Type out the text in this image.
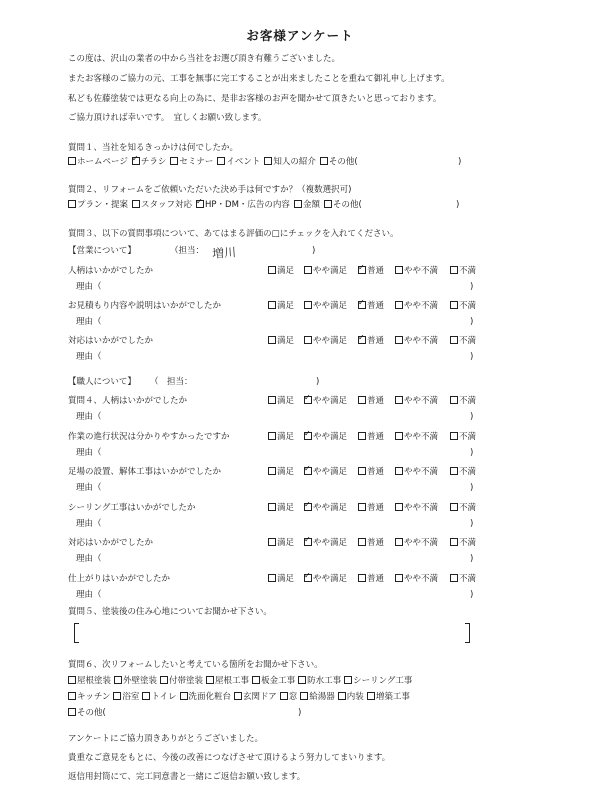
お客様アンケート
この度は、沢山の業者の中から当社をお選び頂き有難うございました。
またお客様のご協力の元、工事を無事に完工することが出来ましたことを重ねて御礼申し上げます。
私ども佐藤塗装では更なる向上の為に、是非お客様のお声を聞かせて頂きたいと思っております。
ご協力頂ければ幸いです。　宜しくお願い致します。
質問１、当社を知るきっかけは何でしたか。
ホームページ ✓ チラシ セミナー イベント 知人の紹介 その他(	)
質問２、リフォームをご依頼いただいた決め手は何ですか？（複数選択可)
プラン・提案 スタッフ対応 ✓ HP・DM・広告の内容 金額 その他(	)
質問３、以下の質問事項について、あてはまる評価の□にチェックを入れてください。
【営業について】	（担当： 増川	)
人柄はいかがでしたか	満足	やや満足 ✓	普通	やや不満	不満
理由（	)
お見積もり内容や説明はいかがでしたか	満足	やや満足 ✓	普通	やや不満	不満
理由（	)
対応はいかがでしたか	満足	やや満足 ✓	普通	やや不満	不満
理由（	)
【職人について】 （　担当：	)
質問４、人柄はいかがでしたか	満足 ✓	やや満足	普通	やや不満	不満
理由（	)
作業の進行状況は分かりやすかったですか	満足 ✓	やや満足	普通	やや不満	不満
理由（	)
足場の設置、解体工事はいかがでしたか	満足 ✓	やや満足	普通	やや不満	不満
理由（	)
シーリング工事はいかがでしたか	満足 ✓	やや満足	普通	やや不満	不満
理由（	)
対応はいかがでしたか	満足 ✓	やや満足	普通	やや不満	不満
理由（	)
仕上がりはいかがでしたか	満足 ✓	やや満足	普通	やや不満	不満
理由（	)
質問５、塗装後の住み心地についてお聞かせ下さい。
質問６、次リフォームしたいと考えている箇所をお聞かせ下さい。
屋根塗装 外壁塗装 付帯塗装 屋根工事 板金工事 防水工事 シーリング工事
キッチン 浴室 トイレ 洗面化粧台 玄関ドア 窓 給湯器 内装 増築工事
その他(	)
アンケートにご協力頂きありがとうございました。
貴重なご意見をもとに、今後の改善につなげさせて頂けるよう努力してまいります。
返信用封筒にて、完工同意書と一緒にご返信お願い致します。
